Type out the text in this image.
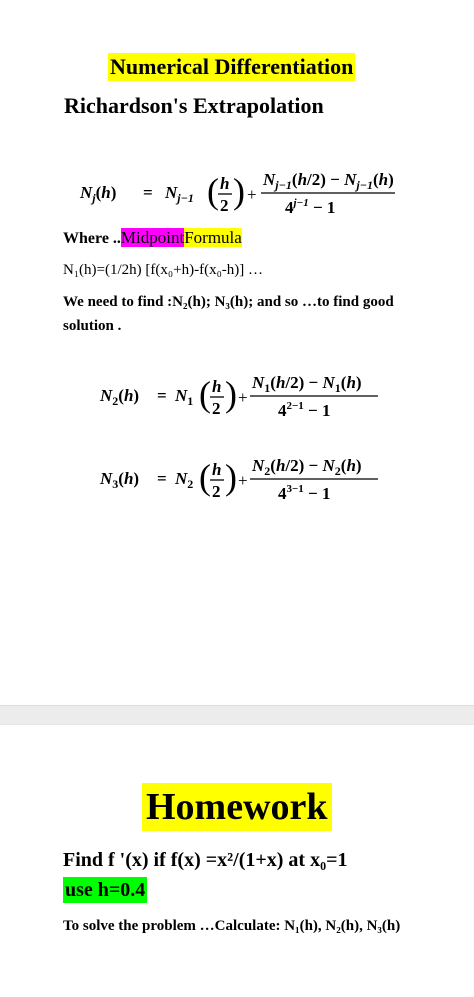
Numerical Differentiation
Richardson's Extrapolation
$N_j(h) = N_{j-1}$ ( h
2 ) +
$N_{j-1}(h/2) - N_{j-1}(h)$
$4^{j-1} - 1$
Where ..MidpointFormula
N₁(h)=(1/2h) [f(x₀+h)-f(x₀-h)] …
We need to find :N₂(h); N₃(h); and so …to find good solution .
$N_2(h) = N_1$ ( h
2 ) +
$N_1(h/2) - N_1(h)$
$4^{2-1} - 1$
$N_3(h) = N_2$ ( h
2 ) +
$N_2(h/2) - N_2(h)$
$4^{3-1} - 1$
Homework
Find f '(x) if f(x) =x²/(1+x) at x₀=1
use h=0.4
To solve the problem …Calculate: N₁(h), N₂(h), N₃(h)
